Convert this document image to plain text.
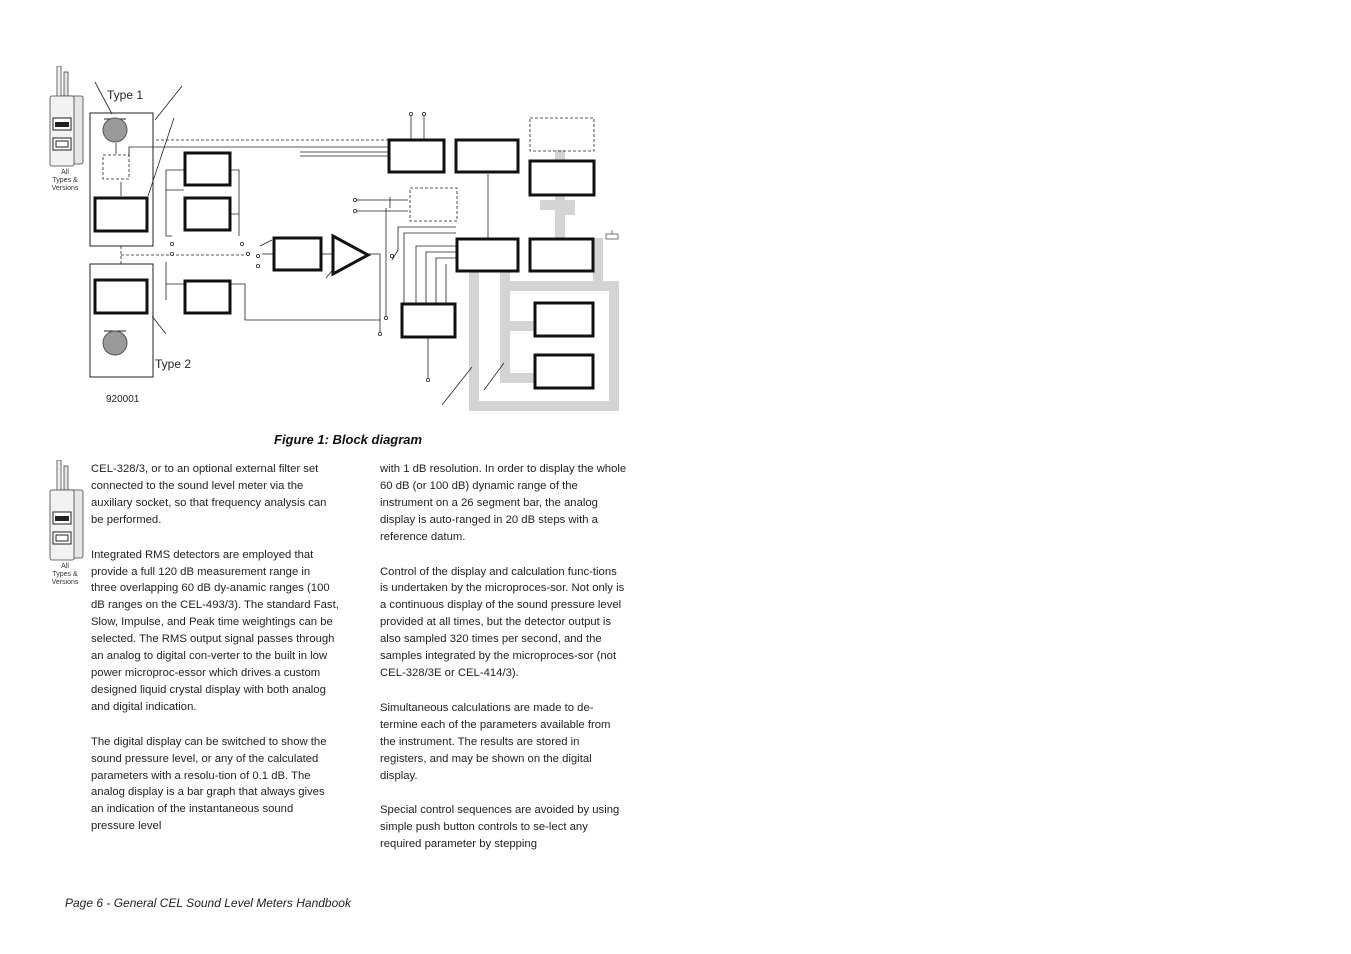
All
Types &
Versions
All
Types &
Versions
Type 1
Type 2
920001
Figure 1: Block diagram

CEL-328/3, or to an optional external filter set connected to the sound level meter via the auxiliary socket, so that frequency analysis can be performed.

Integrated RMS detectors are employed that provide a full 120 dB measurement range in three overlapping 60 dB dy-anamic ranges (100 dB ranges on the CEL-493/3). The standard Fast, Slow, Impulse, and Peak time weightings can be selected. The RMS output signal passes through an analog to digital con-verter to the built in low power microproc-essor which drives a custom designed liquid crystal display with both analog and digital indication.

The digital display can be switched to show the sound pressure level, or any of the calculated parameters with a resolu-tion of 0.1 dB. The analog display is a bar graph that always gives an indication of the instantaneous sound pressure level

with 1 dB resolution. In order to display the whole 60 dB (or 100 dB) dynamic range of the instrument on a 26 segment bar, the analog display is auto-ranged in 20 dB steps with a reference datum.

Control of the display and calculation func-tions is undertaken by the microproces-sor. Not only is a continuous display of the sound pressure level provided at all times, but the detector output is also sampled 320 times per second, and the samples integrated by the microproces-sor (not CEL-328/3E or CEL-414/3).

Simultaneous calculations are made to de-termine each of the parameters available from the instrument. The results are stored in registers, and may be shown on the digital display.

Special control sequences are avoided by using simple push button controls to se-lect any required parameter by stepping

Page 6 - General CEL Sound Level Meters Handbook
